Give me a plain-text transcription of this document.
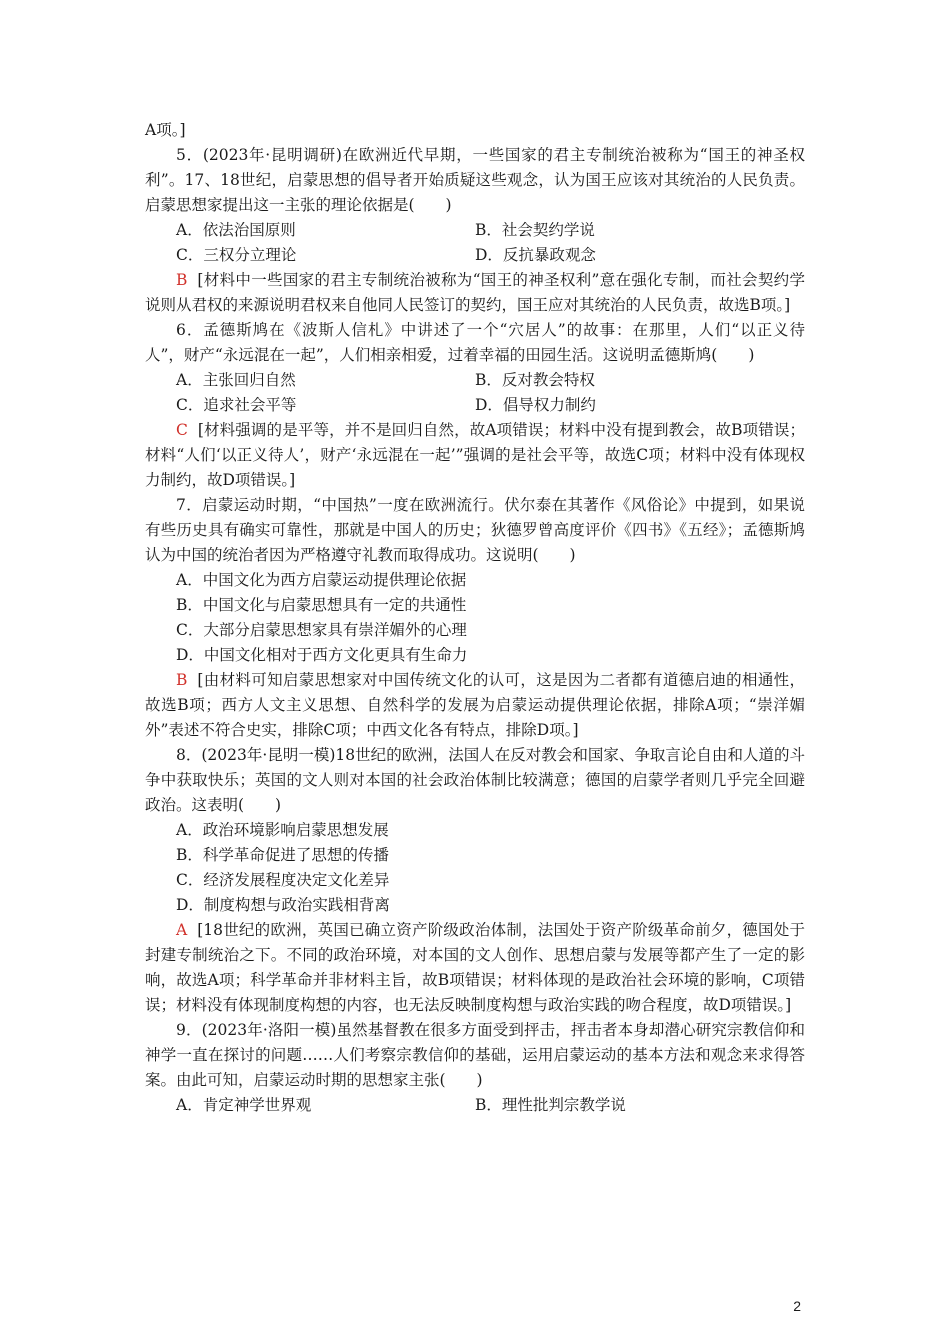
A项。]

5．(2023年·昆明调研)在欧洲近代早期，一些国家的君主专制统治被称为“国王的神圣权利”。17、18世纪，启蒙思想的倡导者开始质疑这些观念，认为国王应该对其统治的人民负责。启蒙思想家提出这一主张的理论依据是(　　)

A．依法治国原则	B．社会契约学说
C．三权分立理论	D．反抗暴政观念

B [材料中一些国家的君主专制统治被称为“国王的神圣权利”意在强化专制，而社会契约学说则从君权的来源说明君权来自他同人民签订的契约，国王应对其统治的人民负责，故选B项。]

6．孟德斯鸠在《波斯人信札》中讲述了一个“穴居人”的故事：在那里，人们“以正义待人”，财产“永远混在一起”，人们相亲相爱，过着幸福的田园生活。这说明孟德斯鸠(　　)

A．主张回归自然	B．反对教会特权
C．追求社会平等	D．倡导权力制约

C [材料强调的是平等，并不是回归自然，故A项错误；材料中没有提到教会，故B项错误；材料“人们‘以正义待人’，财产‘永远混在一起’”强调的是社会平等，故选C项；材料中没有体现权力制约，故D项错误。]

7．启蒙运动时期，“中国热”一度在欧洲流行。伏尔泰在其著作《风俗论》中提到，如果说有些历史具有确实可靠性，那就是中国人的历史；狄德罗曾高度评价《四书》《五经》；孟德斯鸠认为中国的统治者因为严格遵守礼教而取得成功。这说明(　　)

A．中国文化为西方启蒙运动提供理论依据

B．中国文化与启蒙思想具有一定的共通性

C．大部分启蒙思想家具有崇洋媚外的心理

D．中国文化相对于西方文化更具有生命力

B [由材料可知启蒙思想家对中国传统文化的认可，这是因为二者都有道德启迪的相通性，故选B项；西方人文主义思想、自然科学的发展为启蒙运动提供理论依据，排除A项；“崇洋媚外”表述不符合史实，排除C项；中西文化各有特点，排除D项。]

8．(2023年·昆明一模)18世纪的欧洲，法国人在反对教会和国家、争取言论自由和人道的斗争中获取快乐；英国的文人则对本国的社会政治体制比较满意；德国的启蒙学者则几乎完全回避政治。这表明(　　)

A．政治环境影响启蒙思想发展

B．科学革命促进了思想的传播

C．经济发展程度决定文化差异

D．制度构想与政治实践相背离

A [18世纪的欧洲，英国已确立资产阶级政治体制，法国处于资产阶级革命前夕，德国处于封建专制统治之下。不同的政治环境，对本国的文人创作、思想启蒙与发展等都产生了一定的影响，故选A项；科学革命并非材料主旨，故B项错误；材料体现的是政治社会环境的影响，C项错误；材料没有体现制度构想的内容，也无法反映制度构想与政治实践的吻合程度，故D项错误。]

9．(2023年·洛阳一模)虽然基督教在很多方面受到抨击，抨击者本身却潜心研究宗教信仰和神学一直在探讨的问题……人们考察宗教信仰的基础，运用启蒙运动的基本方法和观念来求得答案。由此可知，启蒙运动时期的思想家主张(　　)

A．肯定神学世界观	B．理性批判宗教学说
2
